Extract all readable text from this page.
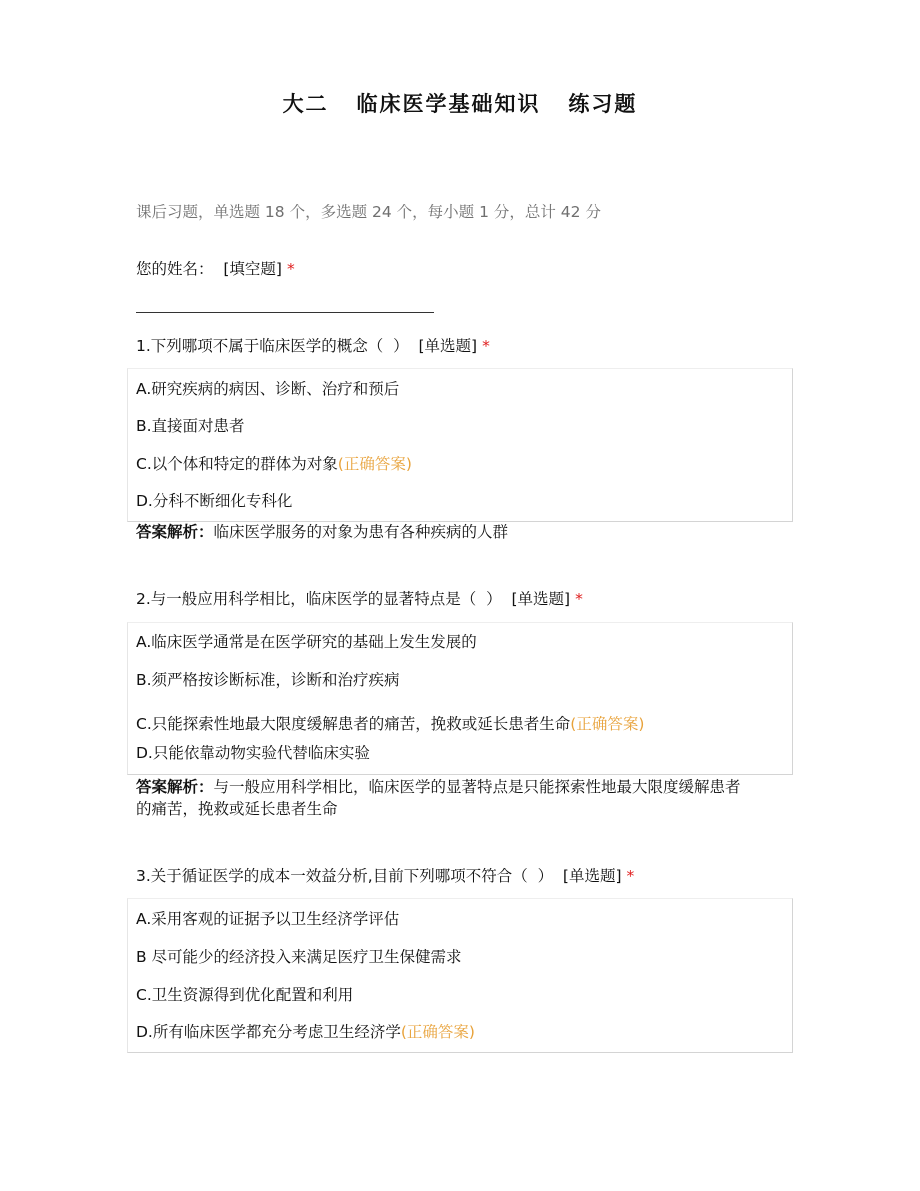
大二   临床医学基础知识   练习题
课后习题，单选题 18 个，多选题 24 个，每小题 1 分，总计 42 分
您的姓名：  [填空题] *
1.下列哪项不属于临床医学的概念（  ）  [单选题] *
A.研究疾病的病因、诊断、治疗和预后
B.直接面对患者
C.以个体和特定的群体为对象(正确答案)
D.分科不断细化专科化
答案解析：临床医学服务的对象为患有各种疾病的人群
2.与一般应用科学相比，临床医学的显著特点是（  ）  [单选题] *
A.临床医学通常是在医学研究的基础上发生发展的
B.须严格按诊断标准，诊断和治疗疾病
C.只能探索性地最大限度缓解患者的痛苦，挽救或延长患者生命(正确答案)
D.只能依靠动物实验代替临床实验
答案解析：与一般应用科学相比，临床医学的显著特点是只能探索性地最大限度缓解患者的痛苦，挽救或延长患者生命
3.关于循证医学的成本一效益分析,目前下列哪项不符合（  ）  [单选题] *
A.采用客观的证据予以卫生经济学评估
B 尽可能少的经济投入来满足医疗卫生保健需求
C.卫生资源得到优化配置和利用
D.所有临床医学都充分考虑卫生经济学(正确答案)
